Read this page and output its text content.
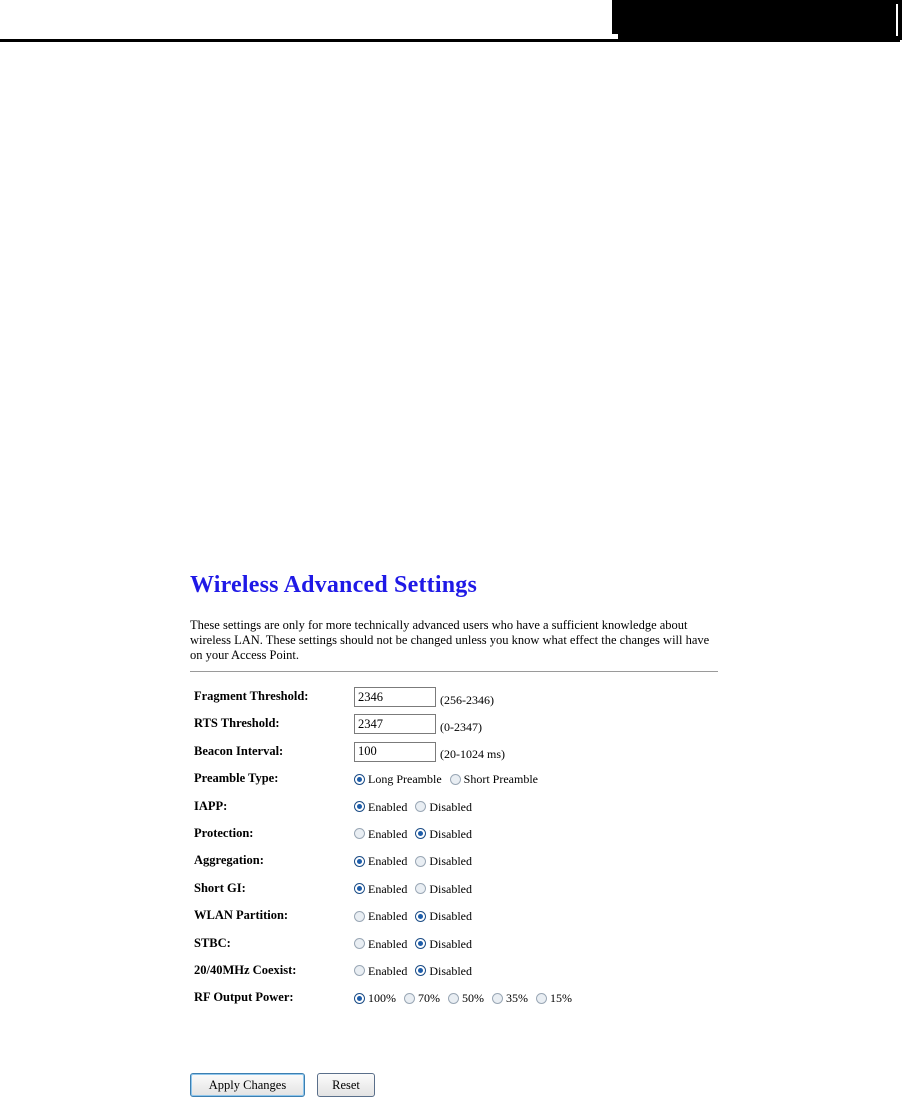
Wireless Advanced Settings
These settings are only for more technically advanced users who have a sufficient knowledge about wireless LAN. These settings should not be changed unless you know what effect the changes will have on your Access Point.
Fragment Threshold:
2346	(256-2346)
RTS Threshold:
2347	(0-2347)
Beacon Interval:
100	(20-1024 ms)
Preamble Type:	Long Preamble Short Preamble
IAPP:	Enabled Disabled
Protection:	Enabled Disabled
Aggregation:	Enabled Disabled
Short GI:	Enabled Disabled
WLAN Partition:	Enabled Disabled
STBC:	Enabled Disabled
20/40MHz Coexist:	Enabled Disabled
RF Output Power:	100% 70% 50% 35% 15%
Apply Changes	Reset
